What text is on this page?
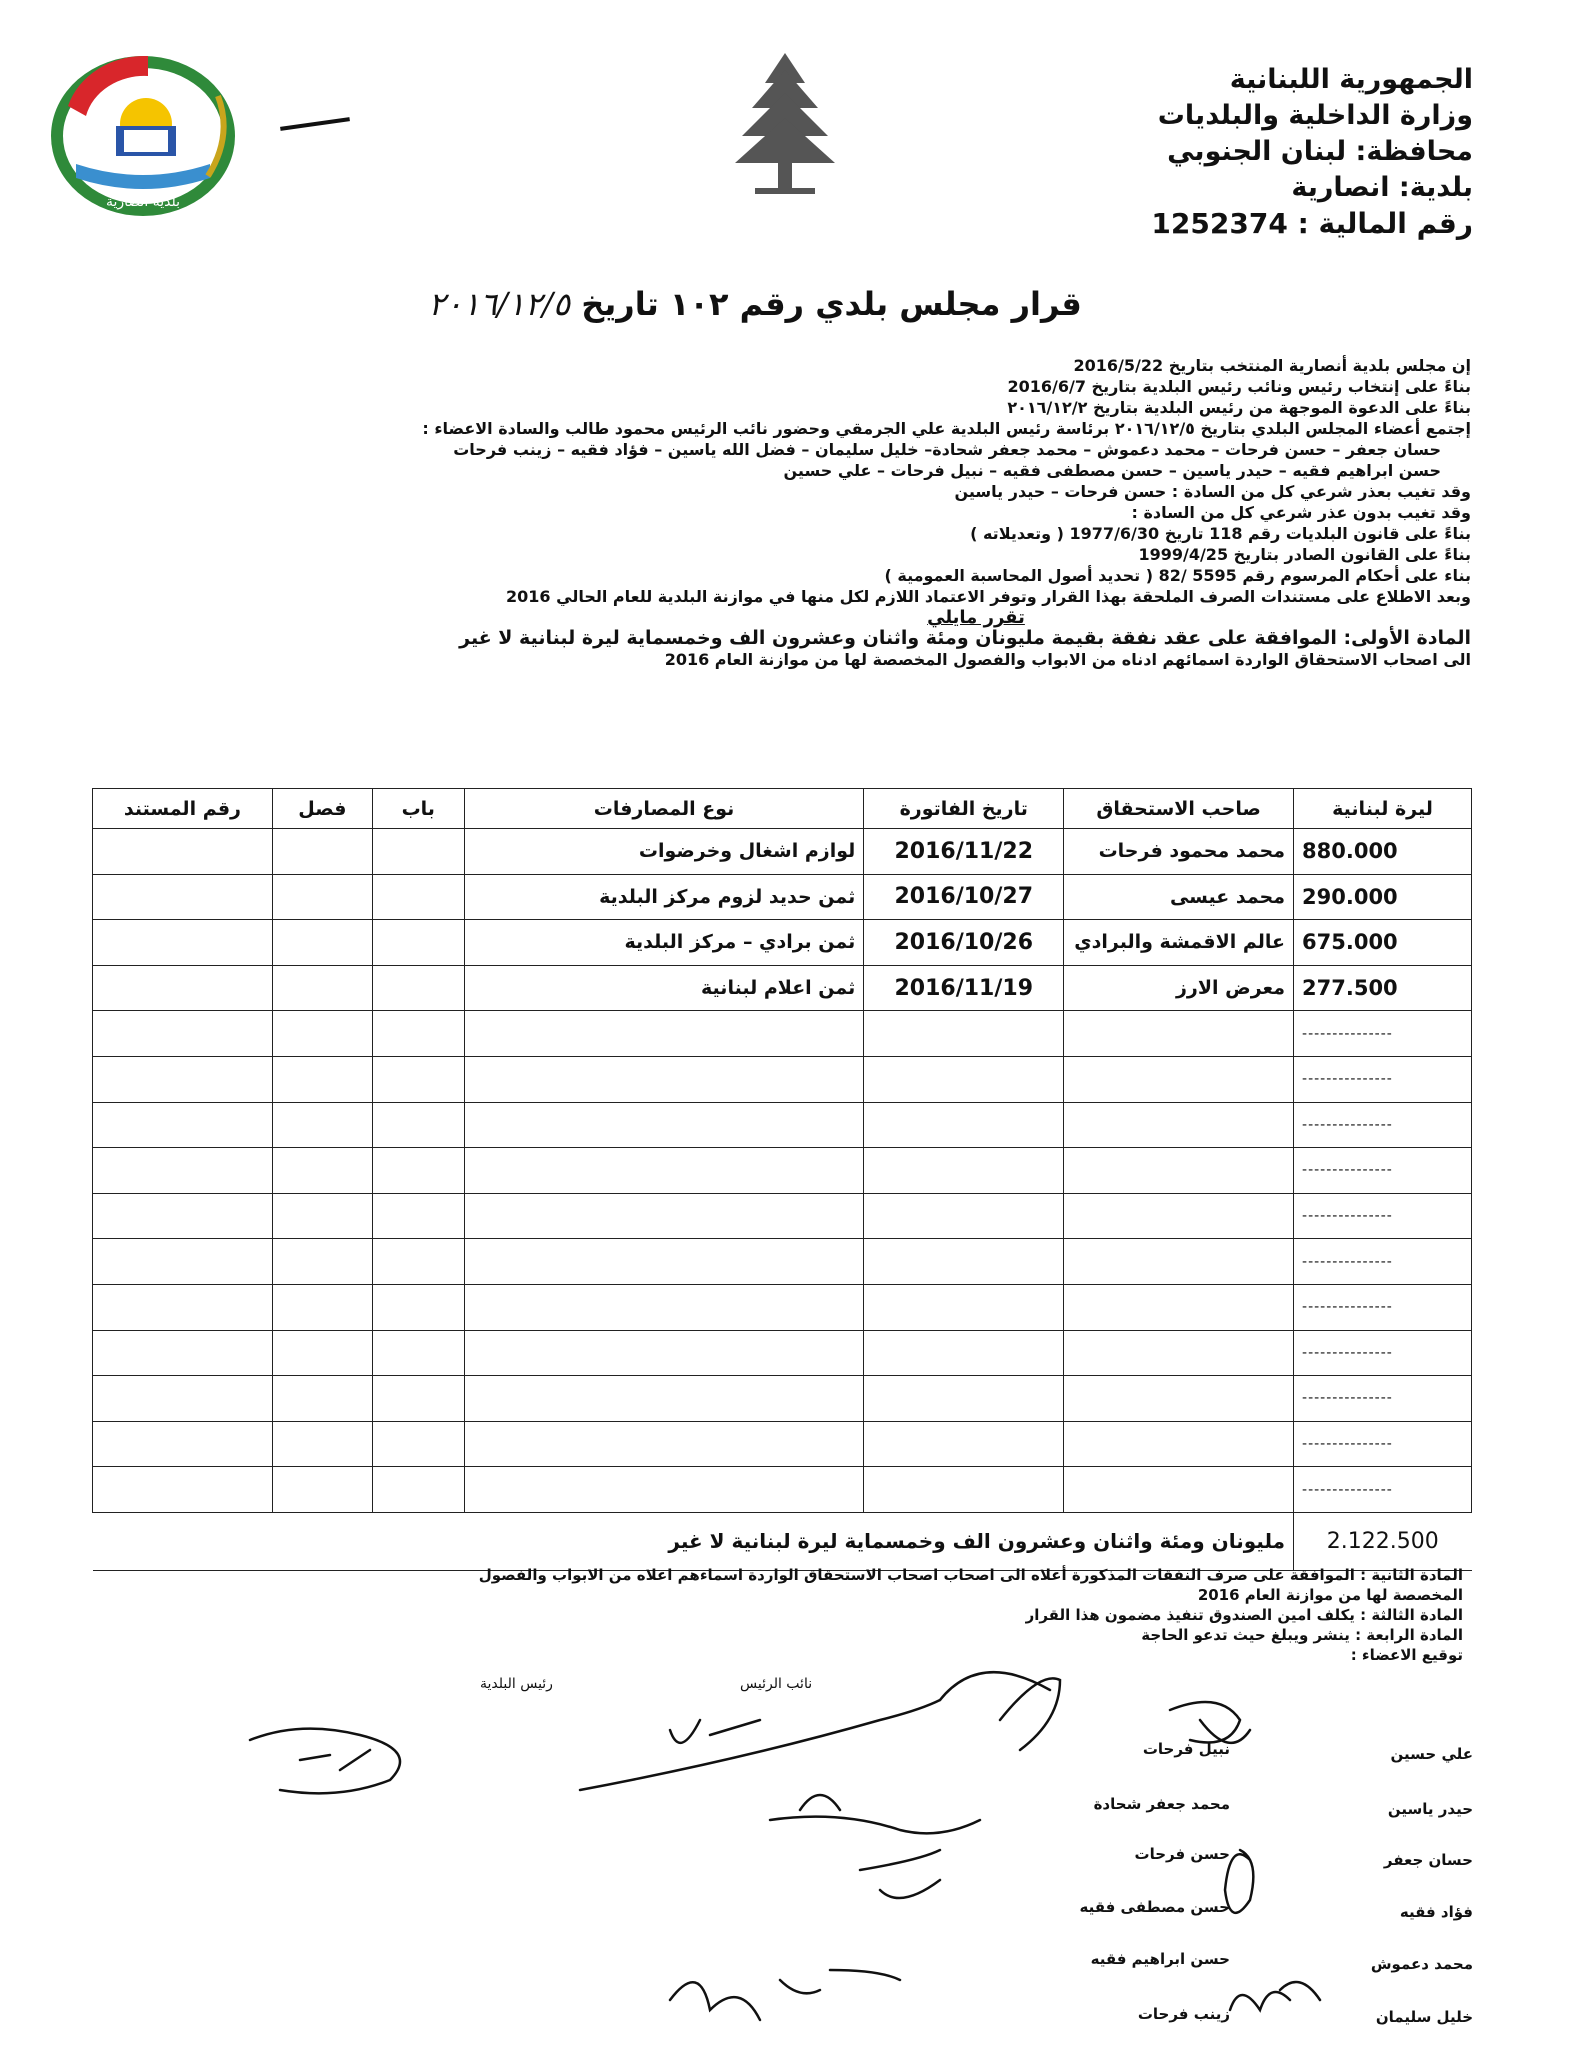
بلدية أنصارية
الجمهورية اللبنانية
وزارة الداخلية والبلديات
محافظة: لبنان الجنوبي
بلدية: انصارية
رقم المالية : 1252374
قرار مجلس بلدي رقم ١٠٢ تاريخ ٢٠١٦/١٢/٥

إن مجلس بلدية أنصارية المنتخب بتاريخ 2016/5/22

بناءً على إنتخاب رئيس ونائب رئيس البلدية بتاريخ 2016/6/7

بناءً على الدعوة الموجهة من رئيس البلدية بتاريخ ٢٠١٦/١٢/٢

إجتمع أعضاء المجلس البلدي بتاريخ ٢٠١٦/١٢/٥ برئاسة رئيس البلدية علي الجرمقي وحضور نائب الرئيس محمود طالب والسادة الاعضاء :

حسان جعفر – حسن فرحات – محمد دعموش – محمد جعفر شحادة– خليل سليمان – فضل الله ياسين – فؤاد فقيه – زينب فرحات

حسن ابراهيم فقيه – حيدر ياسين – حسن مصطفى فقيه – نبيل فرحات – علي حسين

وقد تغيب بعذر شرعي كل من السادة : حسن فرحات – حيدر ياسين

وقد تغيب بدون عذر شرعي كل من السادة :

بناءً على قانون البلديات رقم 118 تاريخ 1977/6/30 ( وتعديلاته )

بناءً على القانون الصادر بتاريخ 1999/4/25

بناء على أحكام المرسوم رقم 5595 /82 ( تحديد أصول المحاسبة العمومية )

وبعد الاطلاع على مستندات الصرف الملحقة بهذا القرار وتوفر الاعتماد اللازم لكل منها في موازنة البلدية للعام الحالي 2016

تقرر مايلي

المادة الأولى: الموافقة على عقد نفقة بقيمة مليونان ومئة واثنان وعشرون الف وخمسماية ليرة لبنانية لا غير

الى اصحاب الاستحقاق الواردة اسمائهم ادناه من الابواب والفصول المخصصة لها من موازنة العام 2016

رقم المستند	فصل	باب	نوع المصارفات	تاريخ الفاتورة	صاحب الاستحقاق	ليرة لبنانية
			لوازم اشغال وخرضوات	2016/11/22	محمد محمود فرحات	880.000
			ثمن حديد لزوم مركز البلدية	2016/10/27	محمد عيسى	290.000
			ثمن برادي – مركز البلدية	2016/10/26	عالم الاقمشة والبرادي	675.000
			ثمن اعلام لبنانية	2016/11/19	معرض الارز	277.500
						---------------
						---------------
						---------------
						---------------
						---------------
						---------------
						---------------
						---------------
						---------------
						---------------
						---------------
مليونان ومئة واثنان وعشرون الف وخمسماية ليرة لبنانية لا غير						2.122.500

المادة الثانية : الموافقة على صرف النفقات المذكورة أعلاه الى اصحاب اصحاب الاستحقاق الواردة اسماءهم اعلاه من الابواب والفصول

المخصصة لها من موازنة العام 2016

المادة الثالثة : يكلف امين الصندوق تنفيذ مضمون هذا القرار

المادة الرابعة : ينشر ويبلغ حيث تدعو الحاجة

توقيع الاعضاء :

رئيس البلدية	نائب الرئيس
علي حسين
حيدر ياسين
حسان جعفر
فؤاد فقيه
محمد دعموش
خليل سليمان
نبيل فرحات
محمد جعفر شحادة
حسن فرحات
حسن مصطفى فقيه
حسن ابراهيم فقيه
زينب فرحات
